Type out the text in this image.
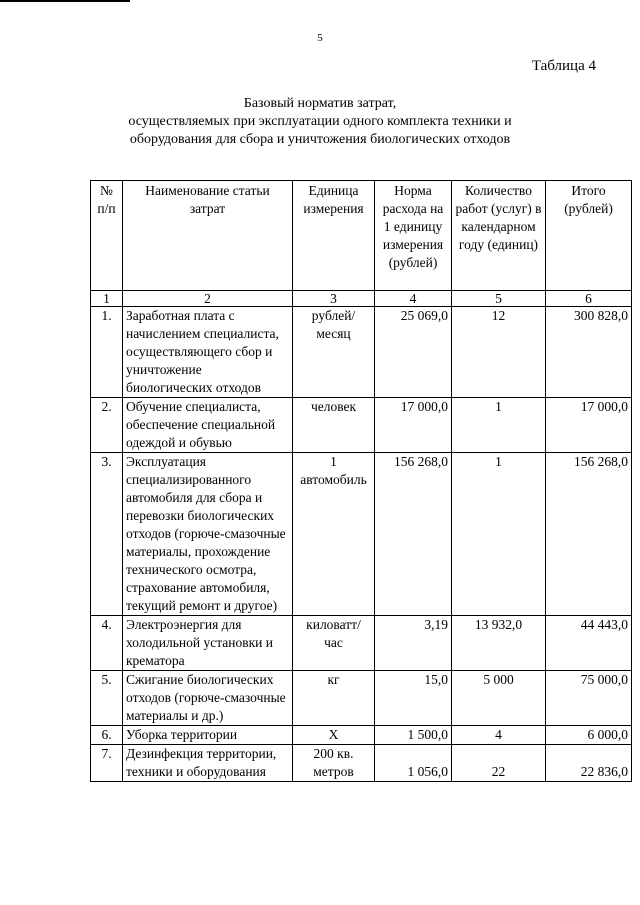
5
Таблица 4
Базовый норматив затрат,
осуществляемых при эксплуатации одного комплекта техники и
оборудования для сбора и уничтожения биологических отходов
№ п/п	Наименование статьи затрат	Единица измерения	Норма расхода на 1 единицу измерения (рублей)	Количество работ (услуг) в календарном году (единиц)	Итого (рублей)
1	2	3	4	5	6
1.	Заработная плата с начислением специалиста, осуществляющего сбор и уничтожение биологических отходов	рублей/ месяц	25 069,0	12	300 828,0
2.	Обучение специалиста, обеспечение специальной одеждой и обувью	человек	17 000,0	1	17 000,0
3.	Эксплуатация специализированного автомобиля для сбора и перевозки биологических отходов (горюче-смазочные материалы, прохождение технического осмотра, страхование автомобиля, текущий ремонт и другое)	1 автомобиль	156 268,0	1	156 268,0
4.	Электроэнергия для холодильной установки и крематора	киловатт/ час	3,19	13 932,0	44 443,0
5.	Сжигание биологических отходов (горюче-смазочные материалы и др.)	кг	15,0	5 000	75 000,0
6.	Уборка территории	Х	1 500,0	4	6 000,0
7.	Дезинфекция территории, техники и оборудования	200 кв. метров	1 056,0	22	22 836,0
